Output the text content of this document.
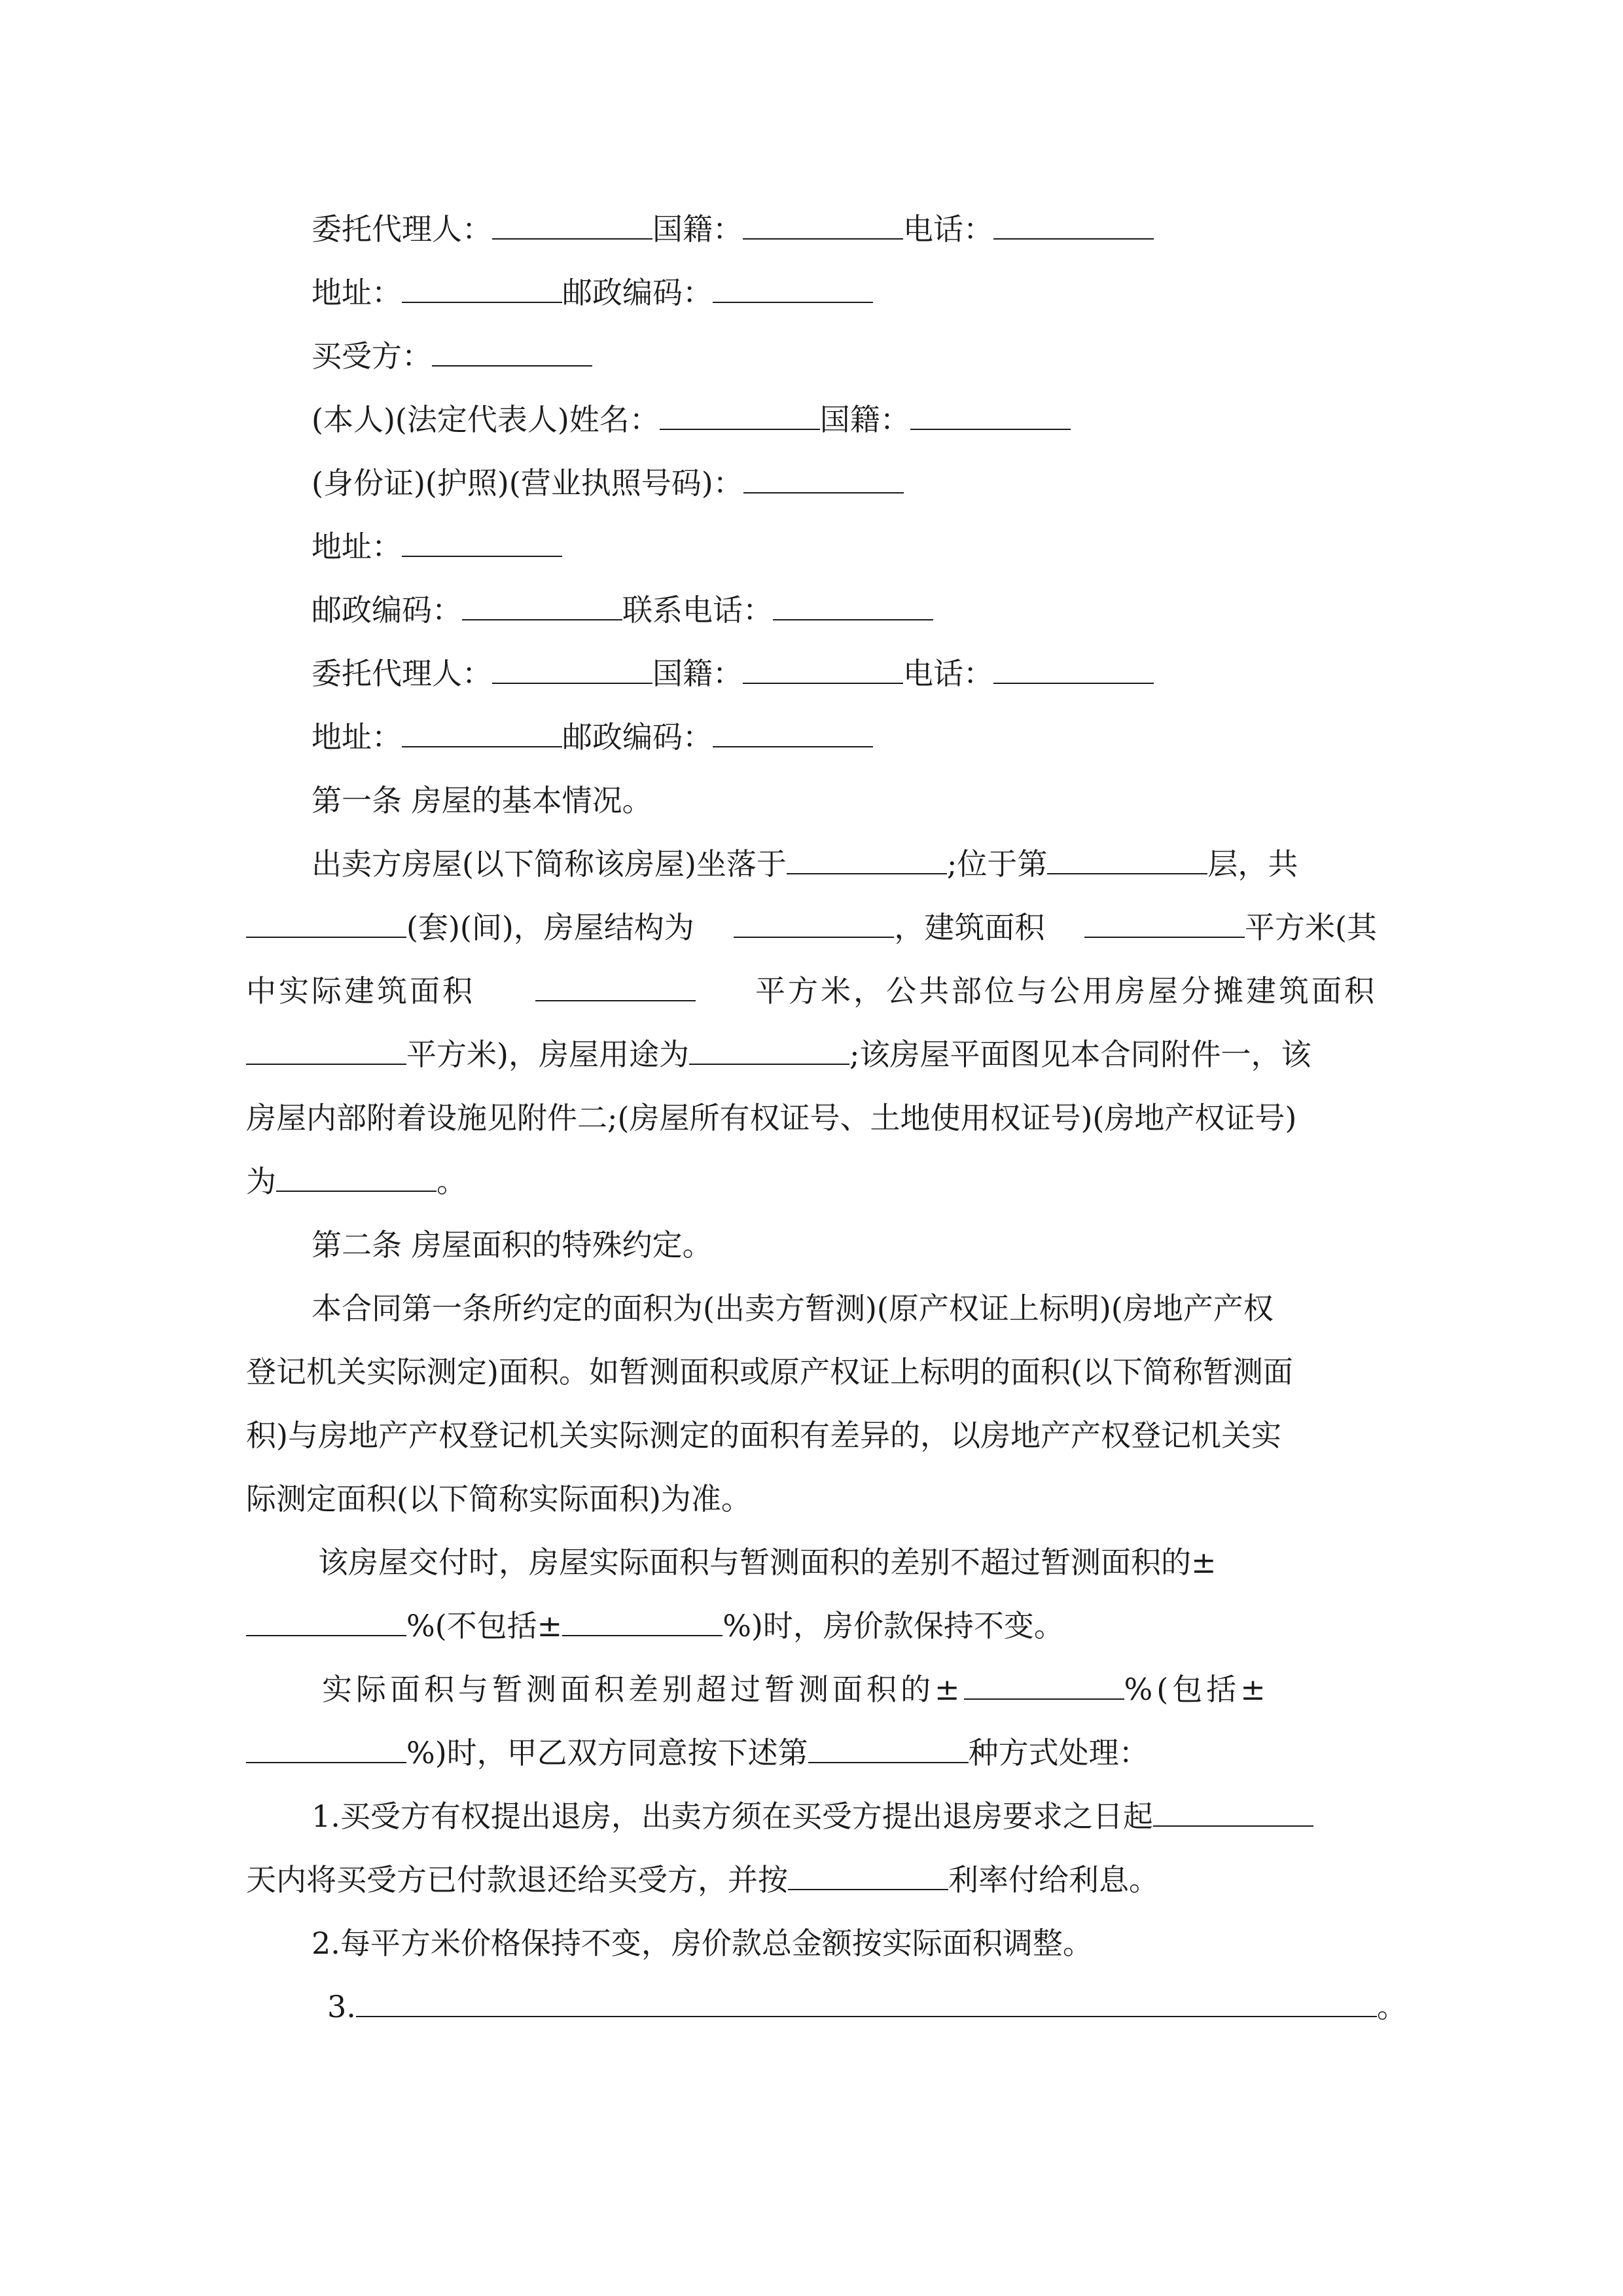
委托代理人：	国籍：	电话：
地址：	邮政编码：
买受方：
(本人)(法定代表人)姓名：	国籍：
(身份证)(护照)(营业执照号码)：
地址：
邮政编码：	联系电话：
委托代理人：	国籍：	电话：
地址：	邮政编码：
第一条 房屋的基本情况。
出卖方房屋(以下简称该房屋)坐落于	;位于第	层，共
(套)(间)，房屋结构为	，建筑面积	平方米(其
中实际建筑面积	平方米，公共部位与公用房屋分摊建筑面积
平方米)，房屋用途为	;该房屋平面图见本合同附件一，该
房屋内部附着设施见附件二;(房屋所有权证号、土地使用权证号)(房地产权证号)
为	。
第二条 房屋面积的特殊约定。
本合同第一条所约定的面积为(出卖方暂测)(原产权证上标明)(房地产产权
登记机关实际测定)面积。如暂测面积或原产权证上标明的面积(以下简称暂测面
积)与房地产产权登记机关实际测定的面积有差异的，以房地产产权登记机关实
际测定面积(以下简称实际面积)为准。
该房屋交付时，房屋实际面积与暂测面积的差别不超过暂测面积的±
%(不包括±	%)时，房价款保持不变。
实际面积与暂测面积差别超过暂测面积的±	%(包括±
%)时，甲乙双方同意按下述第	种方式处理：
1.买受方有权提出退房，出卖方须在买受方提出退房要求之日起
天内将买受方已付款退还给买受方，并按	利率付给利息。
2.每平方米价格保持不变，房价款总金额按实际面积调整。
3.	。
